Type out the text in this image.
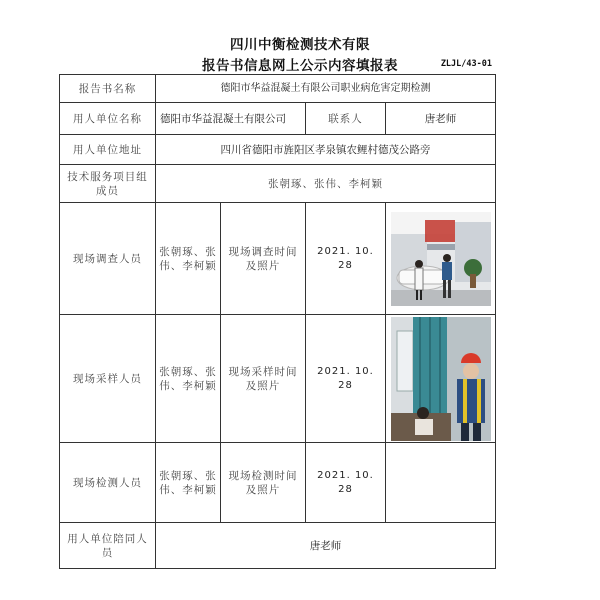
四川中衡检测技术有限
报告书信息网上公示内容填报表	ZLJL/43-01
报告书名称	德阳市华益混凝土有限公司职业病危害定期检测			
用人单位名称	德阳市华益混凝土有限公司		联系人	唐老师
用人单位地址	四川省德阳市旌阳区孝泉镇农鲤村德茂公路旁			
技术服务项目组成员	张朝琢、张伟、李柯颖			
现场调查人员	张朝琢、张伟、李柯颖	现场调查时间及照片	2021. 10. 28	

现场采样人员	张朝琢、张伟、李柯颖	现场采样时间及照片	2021. 10. 28	

现场检测人员	张朝琢、张伟、李柯颖	现场检测时间及照片	2021. 10. 28	
用人单位陪同人员	唐老师			
